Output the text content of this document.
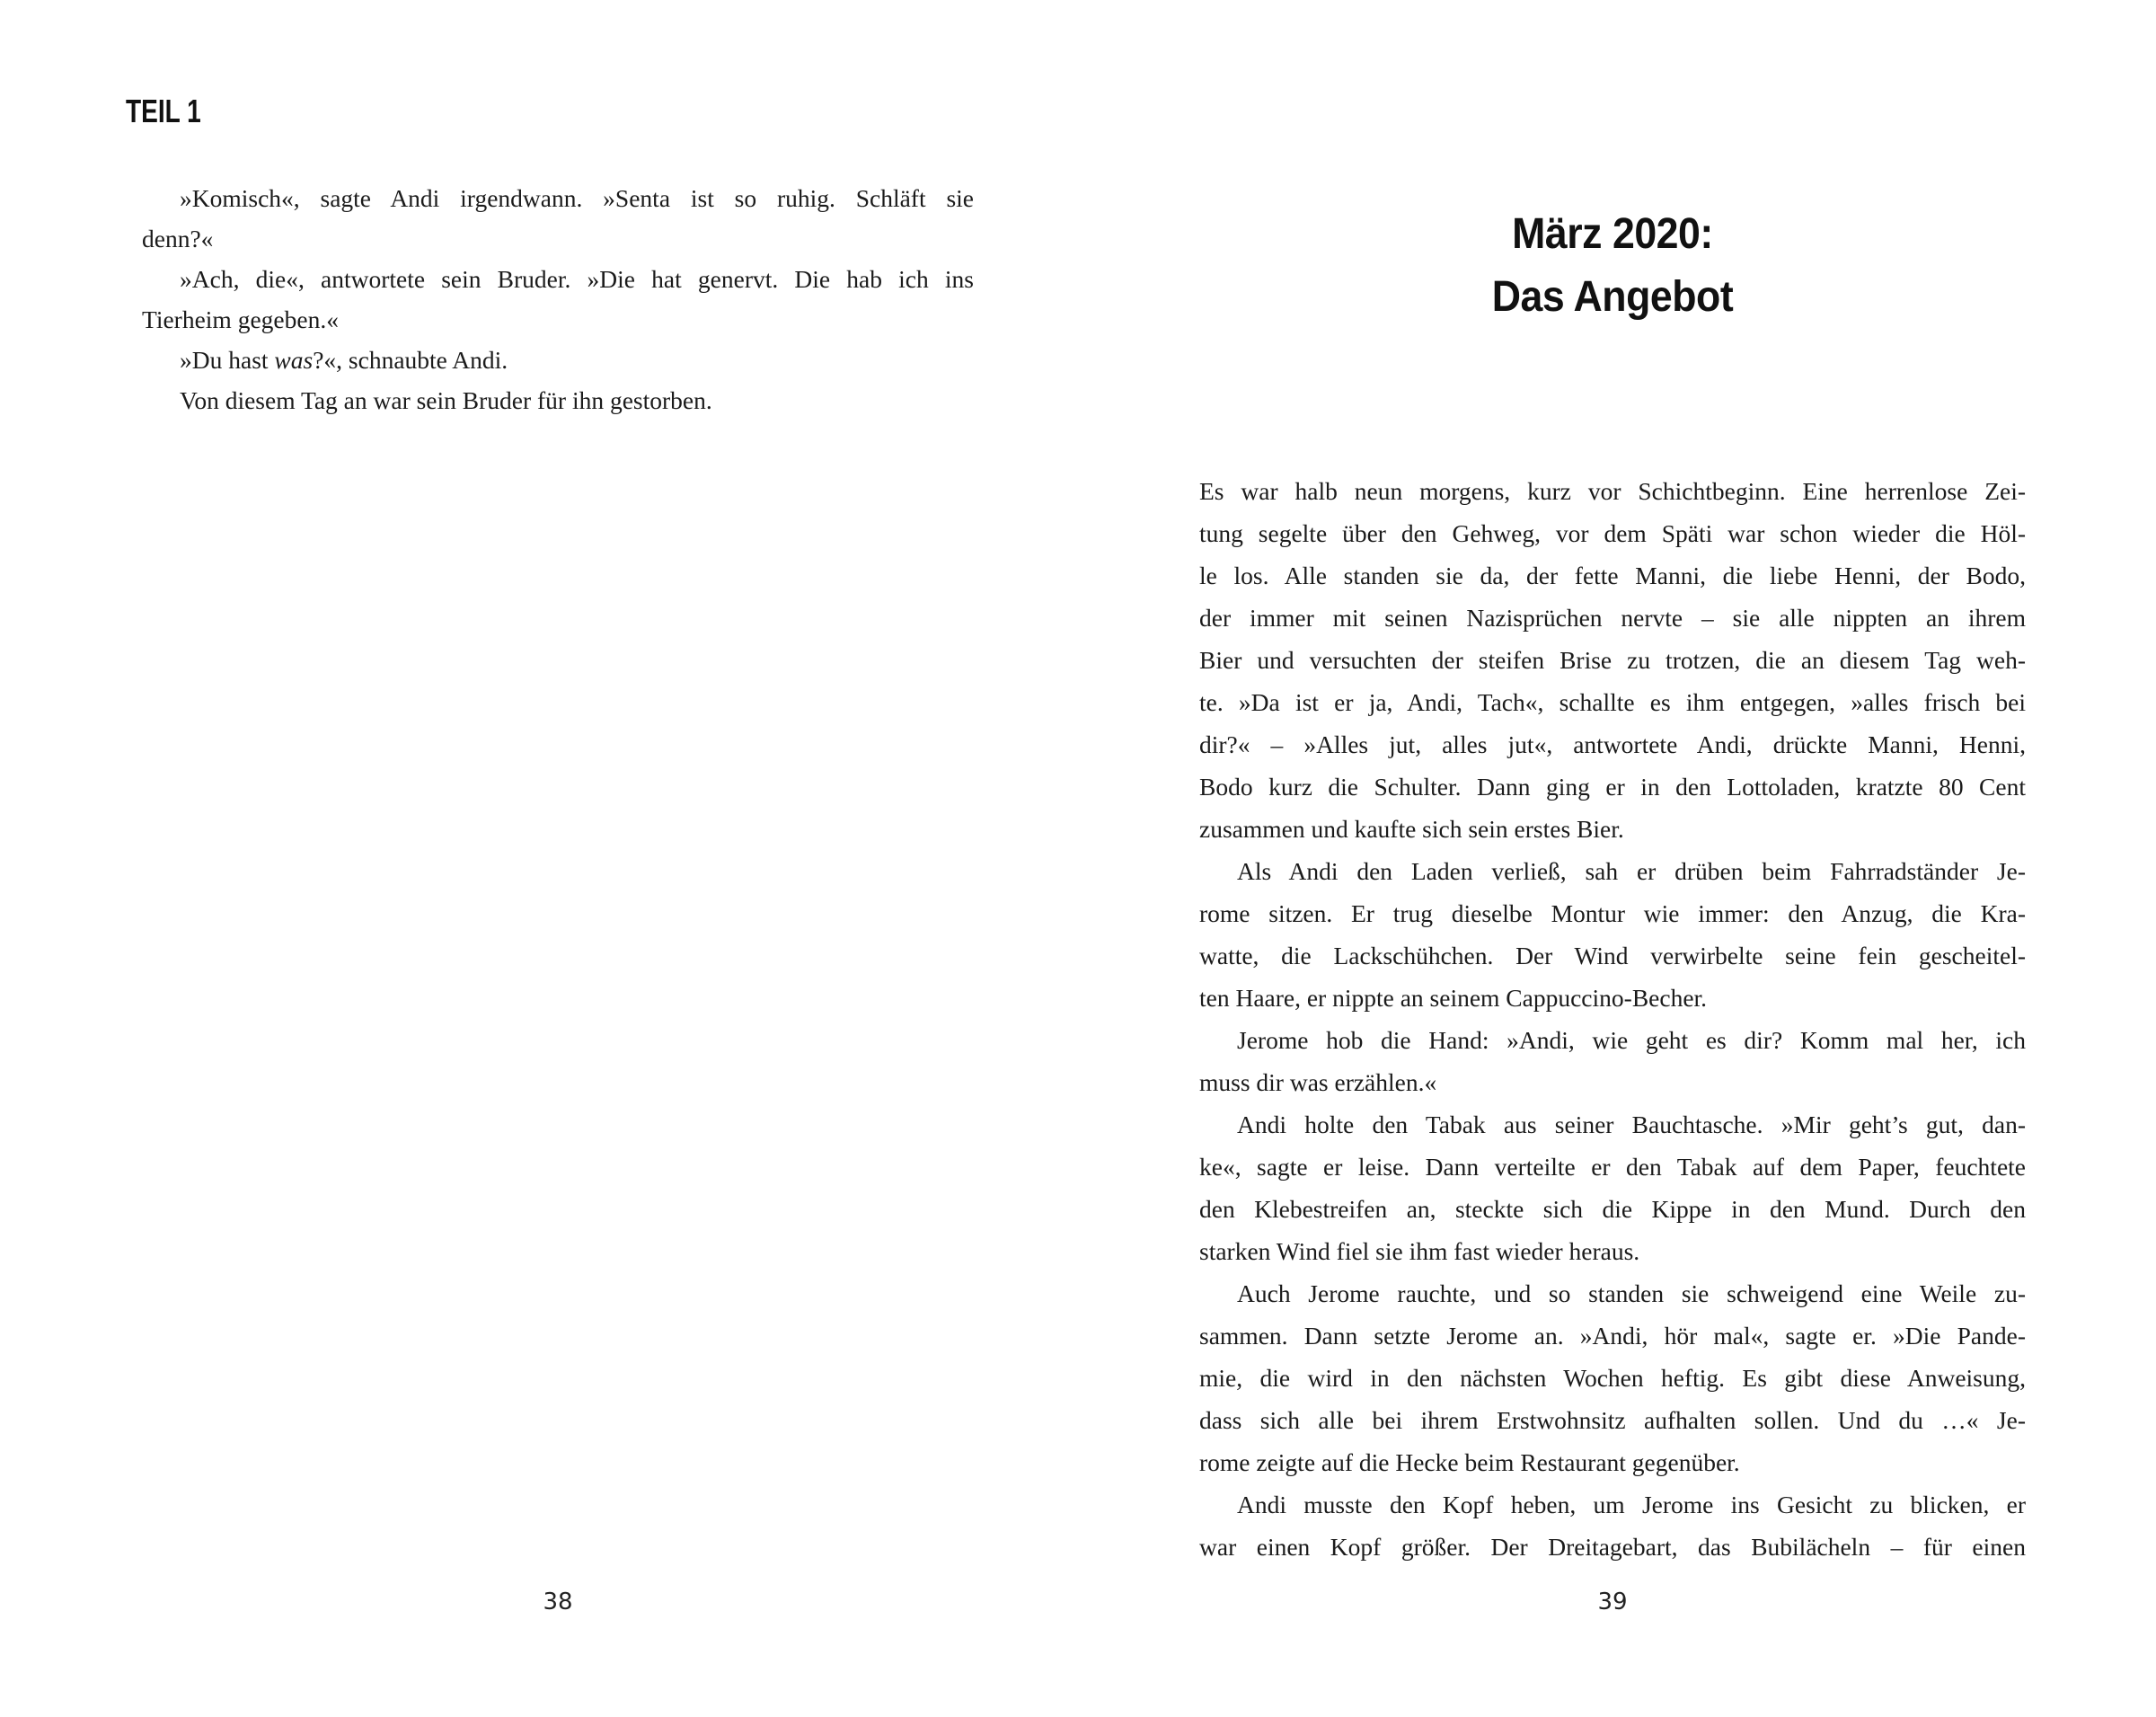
TEIL 1
»Komisch«, sagte Andi irgendwann. »Senta ist so ruhig. Schläft sie
denn?«
»Ach, die«, antwortete sein Bruder. »Die hat genervt. Die hab ich ins
Tierheim gegeben.«
»Du hast was?«, schnaubte Andi.
Von diesem Tag an war sein Bruder für ihn gestorben.
38
März 2020:
Das Angebot
Es war halb neun morgens, kurz vor Schichtbeginn. Eine herrenlose Zei-
tung segelte über den Gehweg, vor dem Späti war schon wieder die Höl-
le los. Alle standen sie da, der fette Manni, die liebe Henni, der Bodo,
der immer mit seinen Nazisprüchen nervte – sie alle nippten an ihrem
Bier und versuchten der steifen Brise zu trotzen, die an diesem Tag weh-
te. »Da ist er ja, Andi, Tach«, schallte es ihm entgegen, »alles frisch bei
dir?« – »Alles jut, alles jut«, antwortete Andi, drückte Manni, Henni,
Bodo kurz die Schulter. Dann ging er in den Lottoladen, kratzte 80 Cent
zusammen und kaufte sich sein erstes Bier.
Als Andi den Laden verließ, sah er drüben beim Fahrradständer Je-
rome sitzen. Er trug dieselbe Montur wie immer: den Anzug, die Kra-
watte, die Lackschühchen. Der Wind verwirbelte seine fein gescheitel-
ten Haare, er nippte an seinem Cappuccino-Becher.
Jerome hob die Hand: »Andi, wie geht es dir? Komm mal her, ich
muss dir was erzählen.«
Andi holte den Tabak aus seiner Bauchtasche. »Mir geht’s gut, dan-
ke«, sagte er leise. Dann verteilte er den Tabak auf dem Paper, feuchtete
den Klebestreifen an, steckte sich die Kippe in den Mund. Durch den
starken Wind fiel sie ihm fast wieder heraus.
Auch Jerome rauchte, und so standen sie schweigend eine Weile zu-
sammen. Dann setzte Jerome an. »Andi, hör mal«, sagte er. »Die Pande-
mie, die wird in den nächsten Wochen heftig. Es gibt diese Anweisung,
dass sich alle bei ihrem Erstwohnsitz aufhalten sollen. Und du …« Je-
rome zeigte auf die Hecke beim Restaurant gegenüber.
Andi musste den Kopf heben, um Jerome ins Gesicht zu blicken, er
war einen Kopf größer. Der Dreitagebart, das Bubilächeln – für einen
39
